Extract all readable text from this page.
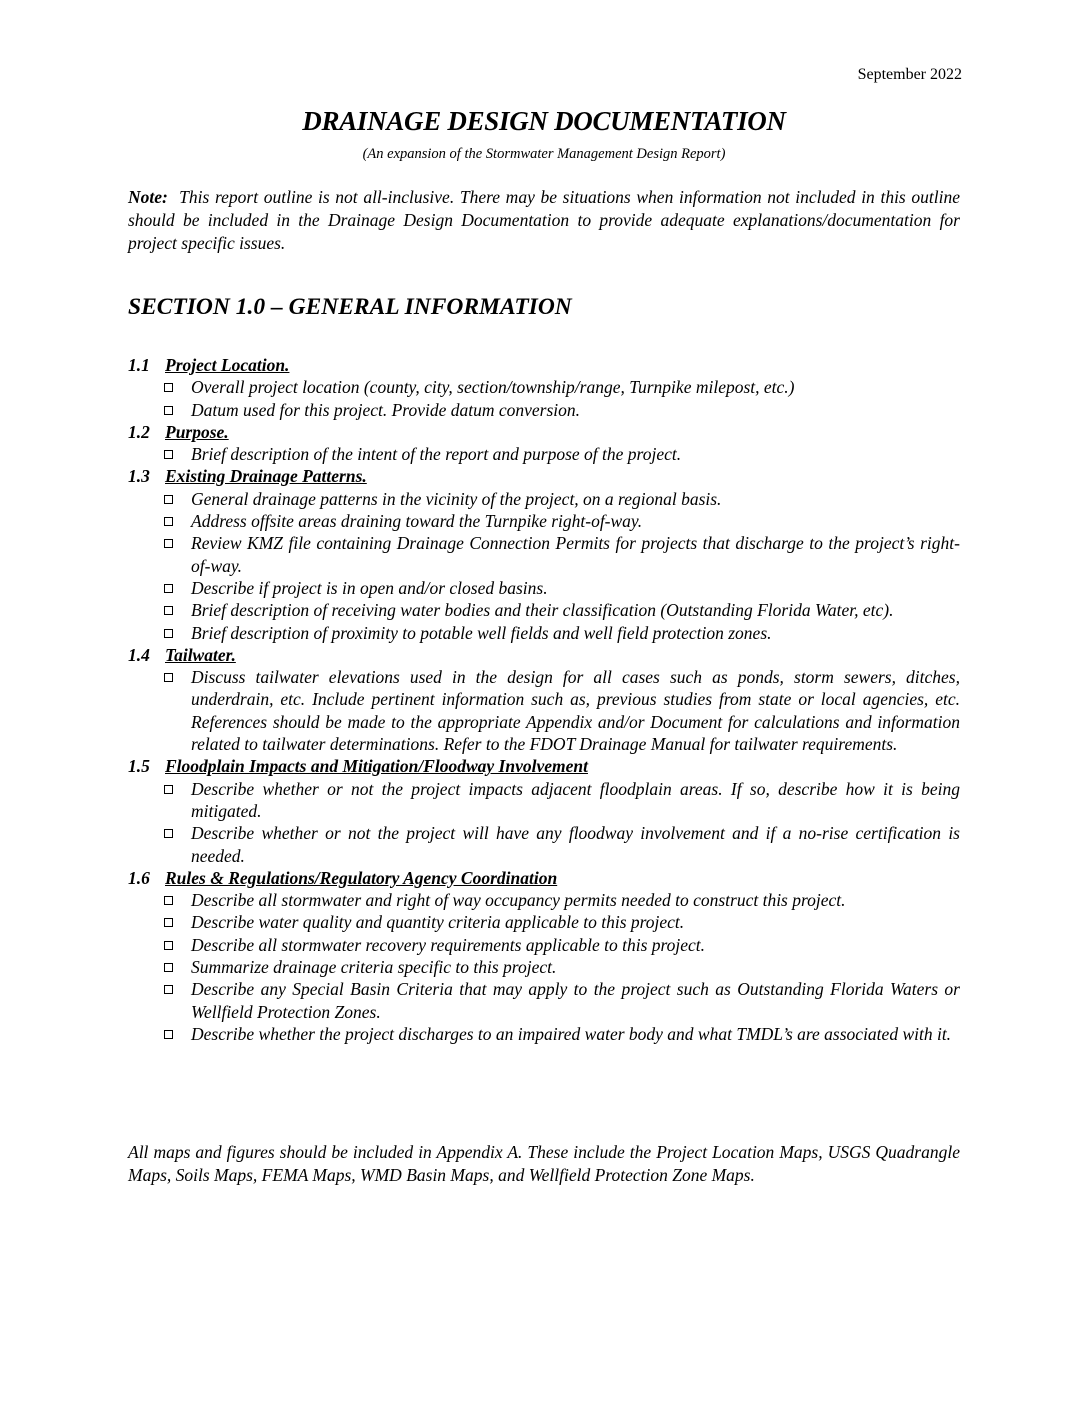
September 2022
DRAINAGE DESIGN DOCUMENTATION
(An expansion of the Stormwater Management Design Report)
Note: This report outline is not all-inclusive. There may be situations when information not included in this outline should be included in the Drainage Design Documentation to provide adequate explanations/documentation for project specific issues.
SECTION 1.0 – GENERAL INFORMATION
1.1 Project Location.
Overall project location (county, city, section/township/range, Turnpike milepost, etc.)
Datum used for this project. Provide datum conversion.
1.2 Purpose.
Brief description of the intent of the report and purpose of the project.
1.3 Existing Drainage Patterns.
General drainage patterns in the vicinity of the project, on a regional basis.
Address offsite areas draining toward the Turnpike right-of-way.
Review KMZ file containing Drainage Connection Permits for projects that discharge to the project’s right-of-way.
Describe if project is in open and/or closed basins.
Brief description of receiving water bodies and their classification (Outstanding Florida Water, etc).
Brief description of proximity to potable well fields and well field protection zones.
1.4 Tailwater.
Discuss tailwater elevations used in the design for all cases such as ponds, storm sewers, ditches, underdrain, etc. Include pertinent information such as, previous studies from state or local agencies, etc. References should be made to the appropriate Appendix and/or Document for calculations and information related to tailwater determinations. Refer to the FDOT Drainage Manual for tailwater requirements.
1.5 Floodplain Impacts and Mitigation/Floodway Involvement
Describe whether or not the project impacts adjacent floodplain areas. If so, describe how it is being mitigated.
Describe whether or not the project will have any floodway involvement and if a no-rise certification is needed.
1.6 Rules & Regulations/Regulatory Agency Coordination
Describe all stormwater and right of way occupancy permits needed to construct this project.
Describe water quality and quantity criteria applicable to this project.
Describe all stormwater recovery requirements applicable to this project.
Summarize drainage criteria specific to this project.
Describe any Special Basin Criteria that may apply to the project such as Outstanding Florida Waters or Wellfield Protection Zones.
Describe whether the project discharges to an impaired water body and what TMDL’s are associated with it.
All maps and figures should be included in Appendix A. These include the Project Location Maps, USGS Quadrangle Maps, Soils Maps, FEMA Maps, WMD Basin Maps, and Wellfield Protection Zone Maps.
